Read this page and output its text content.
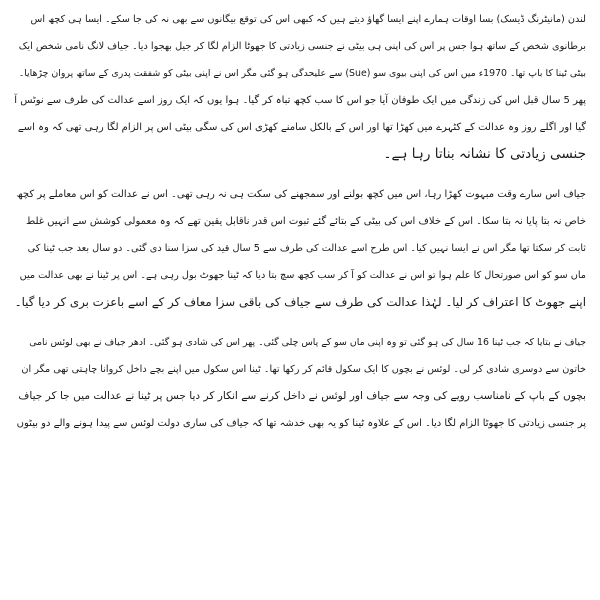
لندن (مانیٹرنگ ڈیسک) بسا اوقات ہمارے اپنے ایسا گھاؤ دیتے ہیں کہ کبھی اس کی توقع بیگانوں سے بھی نہ کی جا سکے۔ ایسا ہی کچھ اس
برطانوی شخص کے ساتھ ہوا جس پر اس کی اپنی ہی بیٹی نے جنسی زیادتی کا جھوٹا الزام لگا کر جیل بھجوا دیا۔ جیاف لانگ نامی شخص ایک
بیٹی ٹینا کا باپ تھا۔ 1970ء میں اس کی اپنی بیوی سو (Sue) سے علیحدگی ہو گئی مگر اس نے اپنی بیٹی کو شفقت پدری کے ساتھ پروان چڑھایا۔
پھر 5 سال قبل اس کی زندگی میں ایک طوفان آیا جو اس کا سب کچھ تباہ کر گیا۔ ہوا یوں کہ ایک روز اسے عدالت کی طرف سے نوٹس آ
گیا اور اگلے روز وہ عدالت کے کٹہرے میں کھڑا تھا اور اس کے بالکل سامنے کھڑی اس کی سگی بیٹی اس پر الزام لگا رہی تھی کہ وہ اسے
جنسی زیادتی کا نشانہ بناتا رہا ہے۔
جیاف اس سارے وقت مبہوت کھڑا رہا، اس میں کچھ بولنے اور سمجھنے کی سکت ہی نہ رہی تھی۔ اس نے عدالت کو اس معاملے پر کچھ
خاص نہ بتا پایا نہ بتا سکا۔ اس کے خلاف اس کی بیٹی کے بتائے گئے ثبوت اس قدر ناقابل یقین تھے کہ وہ معمولی کوشش سے انہیں غلط
ثابت کر سکتا تھا مگر اس نے ایسا نہیں کیا۔ اس طرح اسے عدالت کی طرف سے 5 سال قید کی سزا سنا دی گئی۔ دو سال بعد جب ٹینا کی
ماں سو کو اس صورتحال کا علم ہوا تو اس نے عدالت کو آ کر سب کچھ سچ بتا دیا کہ ٹینا جھوٹ بول رہی ہے۔ اس پر ٹینا نے بھی عدالت میں
اپنے جھوٹ کا اعتراف کر لیا۔ لہٰذا عدالت کی طرف سے جیاف کی باقی سزا معاف کر کے اسے باعزت بری کر دیا گیا۔
جیاف نے بتایا کہ جب ٹینا 16 سال کی ہو گئی تو وہ اپنی ماں سو کے پاس چلی گئی۔ پھر اس کی شادی ہو گئی۔ ادھر جیاف نے بھی لوئس نامی
خاتون سے دوسری شادی کر لی۔ لوئس نے بچوں کا ایک سکول قائم کر رکھا تھا۔ ٹینا اس سکول میں اپنے بچے داخل کروانا چاہتی تھی مگر ان
بچوں کے باپ کے نامناسب رویے کی وجہ سے جیاف اور لوئس نے داخل کرنے سے انکار کر دیا جس پر ٹینا نے عدالت میں جا کر جیاف
پر جنسی زیادتی کا جھوٹا الزام لگا دیا۔ اس کے علاوہ ٹینا کو یہ بھی خدشہ تھا کہ جیاف کی ساری دولت لوئس سے پیدا ہونے والے دو بیٹوں
